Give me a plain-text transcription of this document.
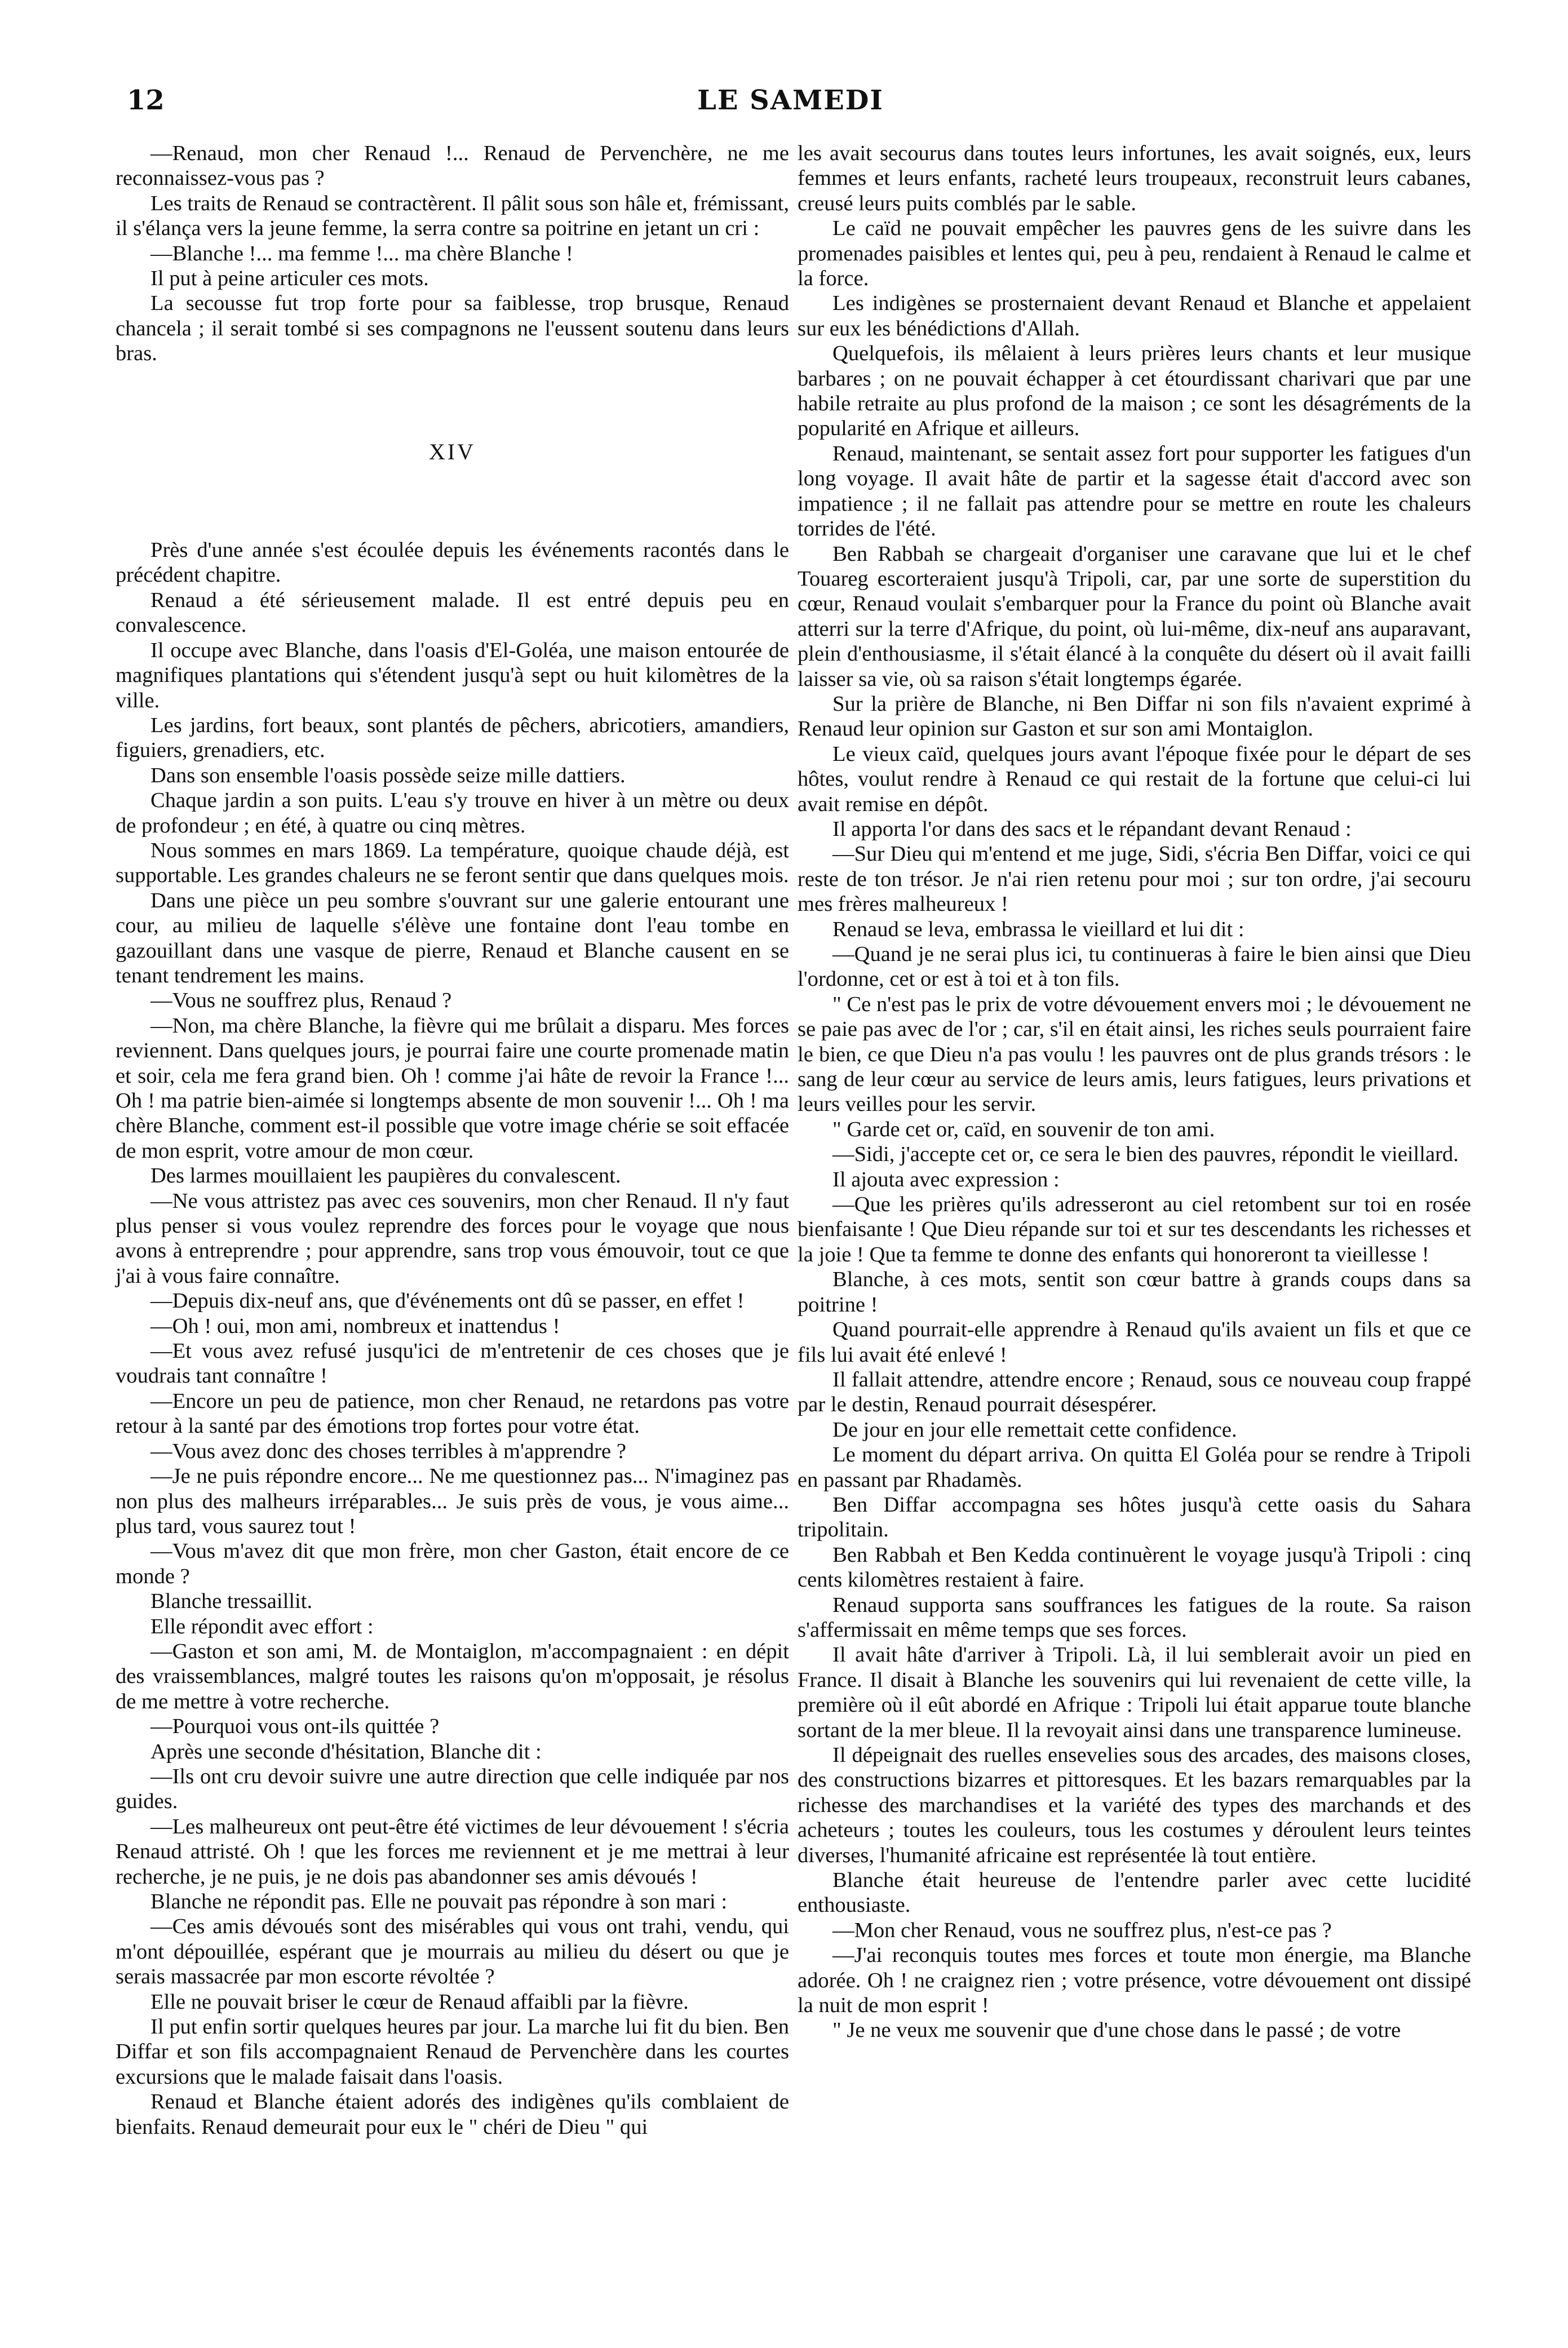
12	LE SAMEDI

—Renaud, mon cher Renaud !... Renaud de Pervenchère, ne me reconnaissez-vous pas ?

Les traits de Renaud se contractèrent. Il pâlit sous son hâle et, frémissant, il s'élança vers la jeune femme, la serra contre sa poitrine en jetant un cri :

—Blanche !... ma femme !... ma chère Blanche !

Il put à peine articuler ces mots.

La secousse fut trop forte pour sa faiblesse, trop brusque, Renaud chancela ; il serait tombé si ses compagnons ne l'eussent soutenu dans leurs bras.

XIV

Près d'une année s'est écoulée depuis les événements racontés dans le précédent chapitre.

Renaud a été sérieusement malade. Il est entré depuis peu en convalescence.

Il occupe avec Blanche, dans l'oasis d'El-Goléa, une maison entourée de magnifiques plantations qui s'étendent jusqu'à sept ou huit kilomètres de la ville.

Les jardins, fort beaux, sont plantés de pêchers, abricotiers, amandiers, figuiers, grenadiers, etc.

Dans son ensemble l'oasis possède seize mille dattiers.

Chaque jardin a son puits. L'eau s'y trouve en hiver à un mètre ou deux de profondeur ; en été, à quatre ou cinq mètres.

Nous sommes en mars 1869. La température, quoique chaude déjà, est supportable. Les grandes chaleurs ne se feront sentir que dans quelques mois.

Dans une pièce un peu sombre s'ouvrant sur une galerie entourant une cour, au milieu de laquelle s'élève une fontaine dont l'eau tombe en gazouillant dans une vasque de pierre, Renaud et Blanche causent en se tenant tendrement les mains.

—Vous ne souffrez plus, Renaud ?

—Non, ma chère Blanche, la fièvre qui me brûlait a disparu. Mes forces reviennent. Dans quelques jours, je pourrai faire une courte promenade matin et soir, cela me fera grand bien. Oh ! comme j'ai hâte de revoir la France !... Oh ! ma patrie bien-aimée si longtemps absente de mon souvenir !... Oh ! ma chère Blanche, comment est-il possible que votre image chérie se soit effacée de mon esprit, votre amour de mon cœur.

Des larmes mouillaient les paupières du convalescent.

—Ne vous attristez pas avec ces souvenirs, mon cher Renaud. Il n'y faut plus penser si vous voulez reprendre des forces pour le voyage que nous avons à entreprendre ; pour apprendre, sans trop vous émouvoir, tout ce que j'ai à vous faire connaître.

—Depuis dix-neuf ans, que d'événements ont dû se passer, en effet !

—Oh ! oui, mon ami, nombreux et inattendus !

—Et vous avez refusé jusqu'ici de m'entretenir de ces choses que je voudrais tant connaître !

—Encore un peu de patience, mon cher Renaud, ne retardons pas votre retour à la santé par des émotions trop fortes pour votre état.

—Vous avez donc des choses terribles à m'apprendre ?

—Je ne puis répondre encore... Ne me questionnez pas... N'imaginez pas non plus des malheurs irréparables... Je suis près de vous, je vous aime... plus tard, vous saurez tout !

—Vous m'avez dit que mon frère, mon cher Gaston, était encore de ce monde ?

Blanche tressaillit.

Elle répondit avec effort :

—Gaston et son ami, M. de Montaiglon, m'accompagnaient : en dépit des vraissemblances, malgré toutes les raisons qu'on m'opposait, je résolus de me mettre à votre recherche.

—Pourquoi vous ont-ils quittée ?

Après une seconde d'hésitation, Blanche dit :

—Ils ont cru devoir suivre une autre direction que celle indiquée par nos guides.

—Les malheureux ont peut-être été victimes de leur dévouement ! s'écria Renaud attristé. Oh ! que les forces me reviennent et je me mettrai à leur recherche, je ne puis, je ne dois pas abandonner ses amis dévoués !

Blanche ne répondit pas. Elle ne pouvait pas répondre à son mari :

—Ces amis dévoués sont des misérables qui vous ont trahi, vendu, qui m'ont dépouillée, espérant que je mourrais au milieu du désert ou que je serais massacrée par mon escorte révoltée ?

Elle ne pouvait briser le cœur de Renaud affaibli par la fièvre.

Il put enfin sortir quelques heures par jour. La marche lui fit du bien. Ben Diffar et son fils accompagnaient Renaud de Pervenchère dans les courtes excursions que le malade faisait dans l'oasis.

Renaud et Blanche étaient adorés des indigènes qu'ils comblaient de bienfaits. Renaud demeurait pour eux le " chéri de Dieu " qui

les avait secourus dans toutes leurs infortunes, les avait soignés, eux, leurs femmes et leurs enfants, racheté leurs troupeaux, reconstruit leurs cabanes, creusé leurs puits comblés par le sable.

Le caïd ne pouvait empêcher les pauvres gens de les suivre dans les promenades paisibles et lentes qui, peu à peu, rendaient à Renaud le calme et la force.

Les indigènes se prosternaient devant Renaud et Blanche et appelaient sur eux les bénédictions d'Allah.

Quelquefois, ils mêlaient à leurs prières leurs chants et leur musique barbares ; on ne pouvait échapper à cet étourdissant charivari que par une habile retraite au plus profond de la maison ; ce sont les désagréments de la popularité en Afrique et ailleurs.

Renaud, maintenant, se sentait assez fort pour supporter les fatigues d'un long voyage. Il avait hâte de partir et la sagesse était d'accord avec son impatience ; il ne fallait pas attendre pour se mettre en route les chaleurs torrides de l'été.

Ben Rabbah se chargeait d'organiser une caravane que lui et le chef Touareg escorteraient jusqu'à Tripoli, car, par une sorte de superstition du cœur, Renaud voulait s'embarquer pour la France du point où Blanche avait atterri sur la terre d'Afrique, du point, où lui-même, dix-neuf ans auparavant, plein d'enthousiasme, il s'était élancé à la conquête du désert où il avait failli laisser sa vie, où sa raison s'était longtemps égarée.

Sur la prière de Blanche, ni Ben Diffar ni son fils n'avaient exprimé à Renaud leur opinion sur Gaston et sur son ami Montaiglon.

Le vieux caïd, quelques jours avant l'époque fixée pour le départ de ses hôtes, voulut rendre à Renaud ce qui restait de la fortune que celui-ci lui avait remise en dépôt.

Il apporta l'or dans des sacs et le répandant devant Renaud :

—Sur Dieu qui m'entend et me juge, Sidi, s'écria Ben Diffar, voici ce qui reste de ton trésor. Je n'ai rien retenu pour moi ; sur ton ordre, j'ai secouru mes frères malheureux !

Renaud se leva, embrassa le vieillard et lui dit :

—Quand je ne serai plus ici, tu continueras à faire le bien ainsi que Dieu l'ordonne, cet or est à toi et à ton fils.

" Ce n'est pas le prix de votre dévouement envers moi ; le dévouement ne se paie pas avec de l'or ; car, s'il en était ainsi, les riches seuls pourraient faire le bien, ce que Dieu n'a pas voulu ! les pauvres ont de plus grands trésors : le sang de leur cœur au service de leurs amis, leurs fatigues, leurs privations et leurs veilles pour les servir.

" Garde cet or, caïd, en souvenir de ton ami.

—Sidi, j'accepte cet or, ce sera le bien des pauvres, répondit le vieillard.

Il ajouta avec expression :

—Que les prières qu'ils adresseront au ciel retombent sur toi en rosée bienfaisante ! Que Dieu répande sur toi et sur tes descendants les richesses et la joie ! Que ta femme te donne des enfants qui honoreront ta vieillesse !

Blanche, à ces mots, sentit son cœur battre à grands coups dans sa poitrine !

Quand pourrait-elle apprendre à Renaud qu'ils avaient un fils et que ce fils lui avait été enlevé !

Il fallait attendre, attendre encore ; Renaud, sous ce nouveau coup frappé par le destin, Renaud pourrait désespérer.

De jour en jour elle remettait cette confidence.

Le moment du départ arriva. On quitta El Goléa pour se rendre à Tripoli en passant par Rhadamès.

Ben Diffar accompagna ses hôtes jusqu'à cette oasis du Sahara tripolitain.

Ben Rabbah et Ben Kedda continuèrent le voyage jusqu'à Tripoli : cinq cents kilomètres restaient à faire.

Renaud supporta sans souffrances les fatigues de la route. Sa raison s'affermissait en même temps que ses forces.

Il avait hâte d'arriver à Tripoli. Là, il lui semblerait avoir un pied en France. Il disait à Blanche les souvenirs qui lui revenaient de cette ville, la première où il eût abordé en Afrique : Tripoli lui était apparue toute blanche sortant de la mer bleue. Il la revoyait ainsi dans une transparence lumineuse.

Il dépeignait des ruelles ensevelies sous des arcades, des maisons closes, des constructions bizarres et pittoresques. Et les bazars remarquables par la richesse des marchandises et la variété des types des marchands et des acheteurs ; toutes les couleurs, tous les costumes y déroulent leurs teintes diverses, l'humanité africaine est représentée là tout entière.

Blanche était heureuse de l'entendre parler avec cette lucidité enthousiaste.

—Mon cher Renaud, vous ne souffrez plus, n'est-ce pas ?

—J'ai reconquis toutes mes forces et toute mon énergie, ma Blanche adorée. Oh ! ne craignez rien ; votre présence, votre dévouement ont dissipé la nuit de mon esprit !

" Je ne veux me souvenir que d'une chose dans le passé ; de votre
